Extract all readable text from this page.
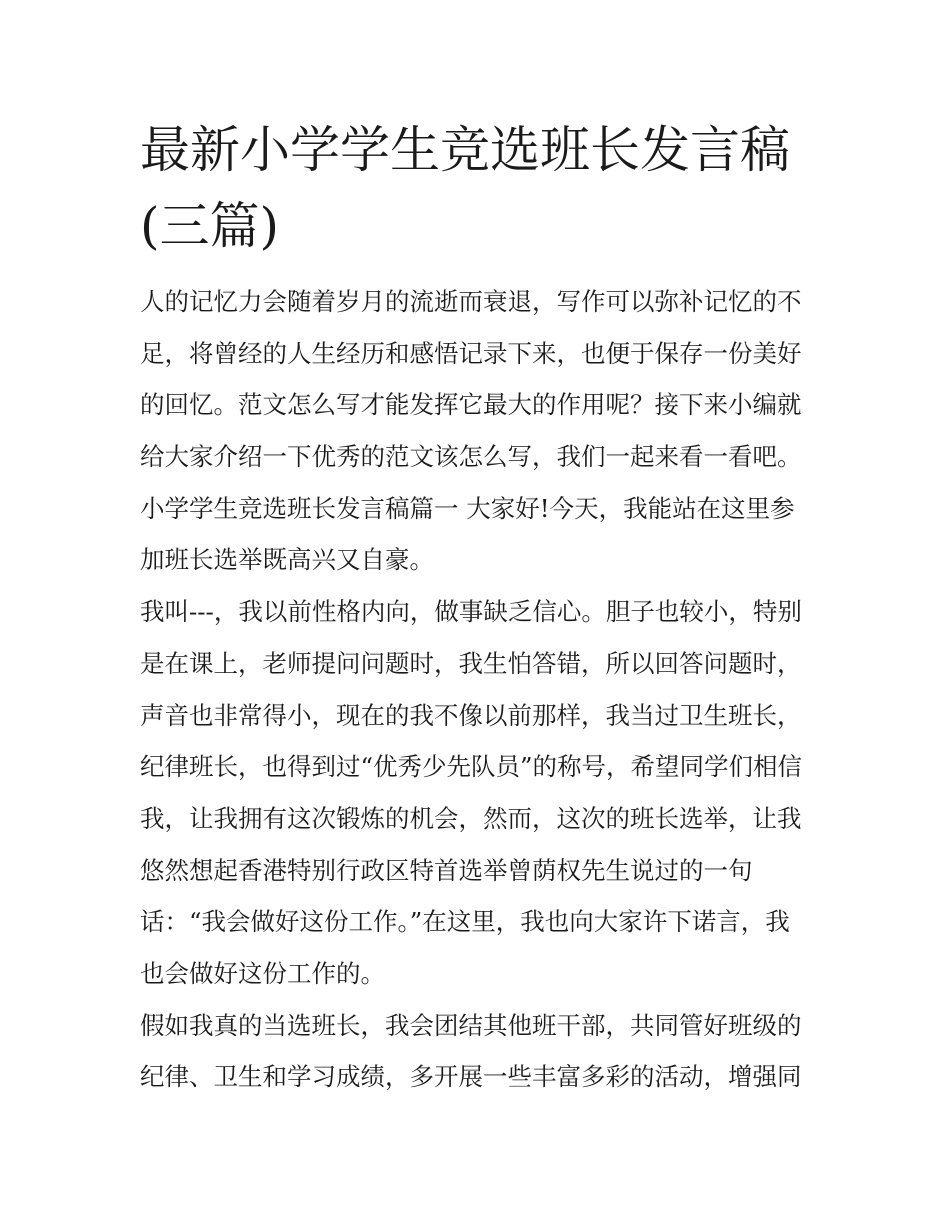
最新小学学生竞选班长发言稿
(三篇)
人的记忆力会随着岁月的流逝而衰退，写作可以弥补记忆的不
足，将曾经的人生经历和感悟记录下来，也便于保存一份美好
的回忆。范文怎么写才能发挥它最大的作用呢？接下来小编就
给大家介绍一下优秀的范文该怎么写，我们一起来看一看吧。
小学学生竞选班长发言稿篇一 大家好!今天，我能站在这里参
加班长选举既高兴又自豪。
我叫---，我以前性格内向，做事缺乏信心。胆子也较小，特别
是在课上，老师提问问题时，我生怕答错，所以回答问题时，
声音也非常得小，现在的我不像以前那样，我当过卫生班长，
纪律班长，也得到过“优秀少先队员”的称号，希望同学们相信
我，让我拥有这次锻炼的机会，然而，这次的班长选举，让我
悠然想起香港特别行政区特首选举曾荫权先生说过的一句
话：“我会做好这份工作。”在这里，我也向大家许下诺言，我
也会做好这份工作的。
假如我真的当选班长，我会团结其他班干部，共同管好班级的
纪律、卫生和学习成绩，多开展一些丰富多彩的活动，增强同
